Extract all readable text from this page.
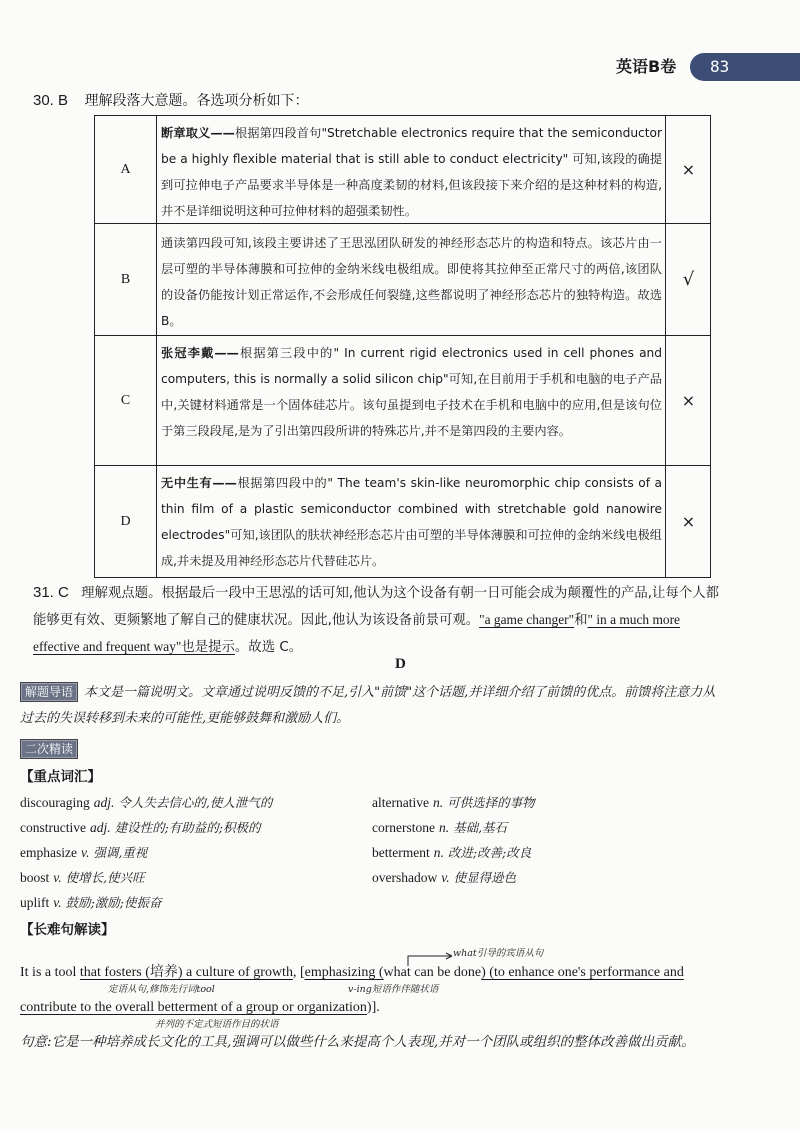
英语B卷	83
30. B 理解段落大意题。各选项分析如下：
A
断章取义——根据第四段首句"Stretchable electronics require that the semiconductor be a highly flexible material that is still able to conduct electricity" 可知,该段的确提到可拉伸电子产品要求半导体是一种高度柔韧的材料,但该段接下来介绍的是这种材料的构造,并不是详细说明这种可拉伸材料的超强柔韧性。
×
B
通读第四段可知,该段主要讲述了王思泓团队研发的神经形态芯片的构造和特点。该芯片由一层可塑的半导体薄膜和可拉伸的金纳米线电极组成。即使将其拉伸至正常尺寸的两倍,该团队的设备仍能按计划正常运作,不会形成任何裂缝,这些都说明了神经形态芯片的独特构造。故选 B。
√
C
张冠李戴——根据第三段中的" In current rigid electronics used in cell phones and computers, this is normally a solid silicon chip"可知,在目前用于手机和电脑的电子产品中,关键材料通常是一个固体硅芯片。该句虽提到电子技术在手机和电脑中的应用,但是该句位于第三段段尾,是为了引出第四段所讲的特殊芯片,并不是第四段的主要内容。
×
D
无中生有——根据第四段中的" The team's skin-like neuromorphic chip consists of a thin film of a plastic semiconductor combined with stretchable gold nanowire electrodes"可知,该团队的肤状神经形态芯片由可塑的半导体薄膜和可拉伸的金纳米线电极组成,并未提及用神经形态芯片代替硅芯片。
×
31. C 理解观点题。根据最后一段中王思泓的话可知,他认为这个设备有朝一日可能会成为颠覆性的产品,让每个人都能够更有效、更频繁地了解自己的健康状况。因此,他认为该设备前景可观。"a game changer"和" in a much more effective and frequent way"也是提示。故选 C。
D
解题导语 本文是一篇说明文。文章通过说明反馈的不足,引入"前馈"这个话题,并详细介绍了前馈的优点。前馈将注意力从过去的失误转移到未来的可能性,更能够鼓舞和激励人们。
二次精读
【重点词汇】
discouraging adj. 令人失去信心的,使人泄气的
constructive adj. 建设性的;有助益的;积极的
emphasize v. 强调,重视
boost v. 使增长,使兴旺
uplift v. 鼓励;激励;使振奋
alternative n. 可供选择的事物
cornerstone n. 基础,基石
betterment n. 改进;改善;改良
overshadow v. 使显得逊色
【长难句解读】
what引导的宾语从句
It is a tool that fosters (培养) a culture of growth, [emphasizing (what can be done) (to enhance one's performance and
定语从句,修饰先行词tool	v-ing短语作伴随状语
contribute to the overall betterment of a group or organization)].
并列的不定式短语作目的状语
句意:它是一种培养成长文化的工具,强调可以做些什么来提高个人表现,并对一个团队或组织的整体改善做出贡献。
